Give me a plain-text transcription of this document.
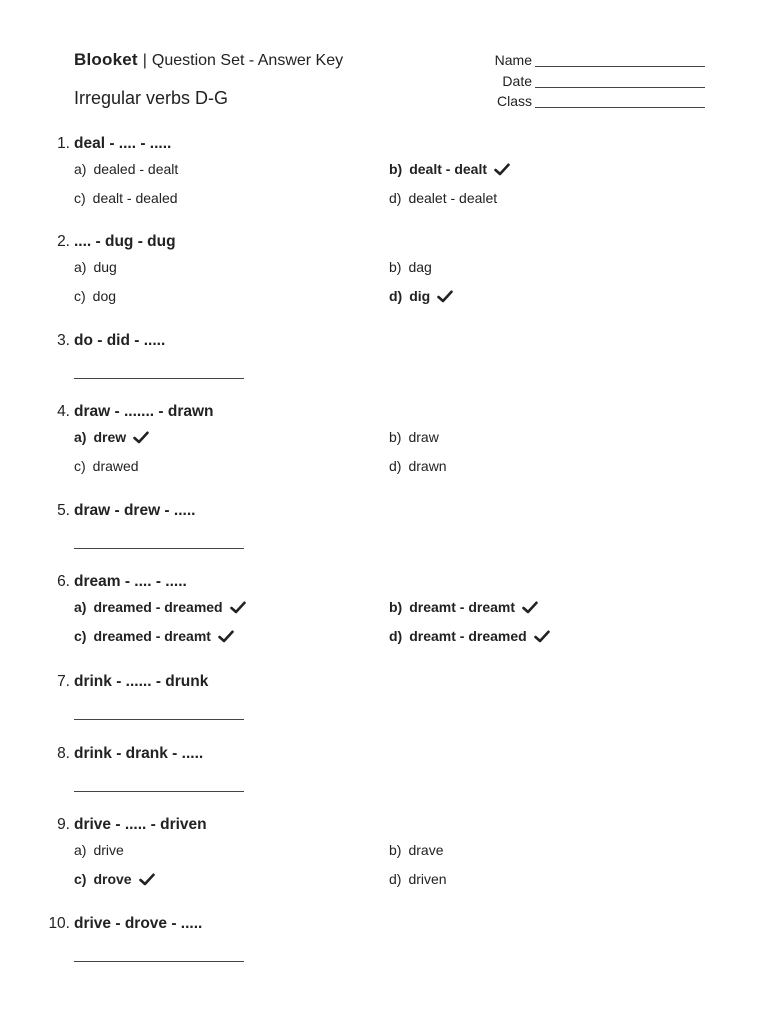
Blooket | Question Set - Answer Key
Irregular verbs D-G
Name
Date
Class
1. deal - .... - .....
a) dealed - dealt	b) dealt - dealt
c) dealt - dealed	d) dealet - dealet
2. .... - dug - dug
a) dug	b) dag
c) dog	d) dig
3. do - did - .....
4. draw - ....... - drawn
a) drew	b) draw
c) drawed	d) drawn
5. draw - drew - .....
6. dream - .... - .....
a) dreamed - dreamed	b) dreamt - dreamt
c) dreamed - dreamt	d) dreamt - dreamed
7. drink - ...... - drunk
8. drink - drank - .....
9. drive - ..... - driven
a) drive	b) drave
c) drove	d) driven
10. drive - drove - .....
